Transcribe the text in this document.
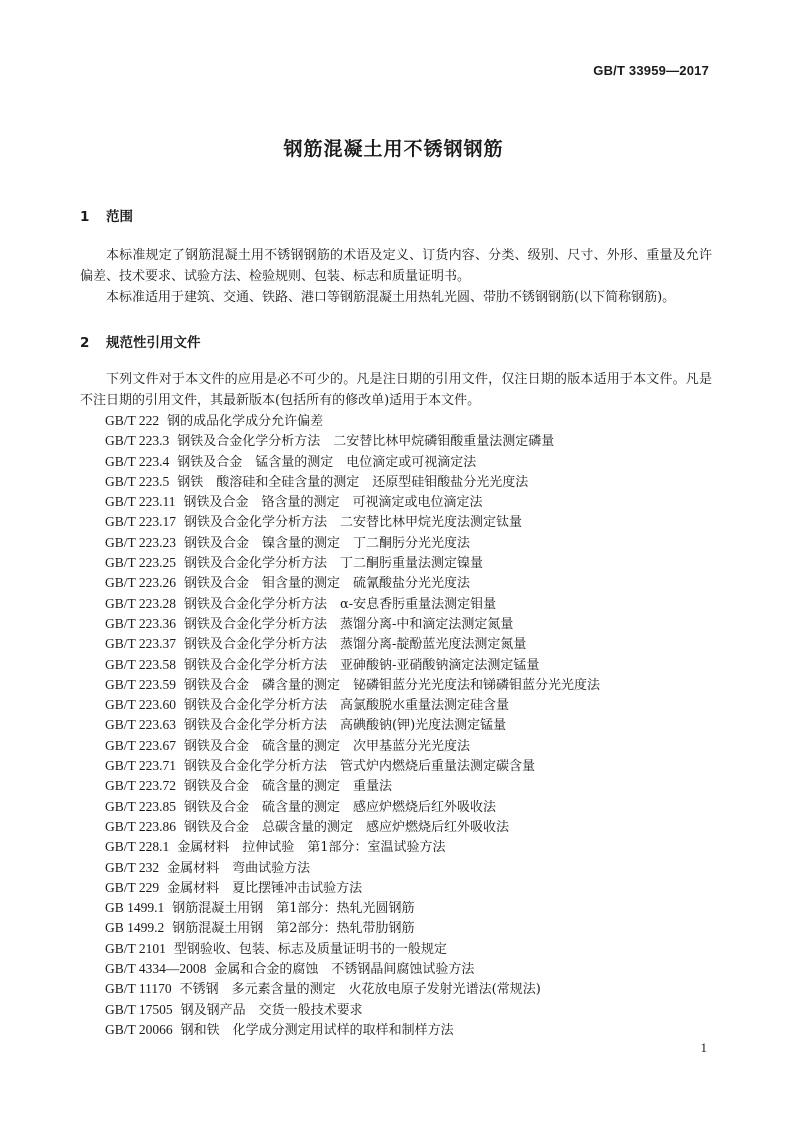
GB/T 33959—2017
钢筋混凝土用不锈钢钢筋
1 范围
本标准规定了钢筋混凝土用不锈钢钢筋的术语及定义、订货内容、分类、级别、尺寸、外形、重量及允许偏差、技术要求、试验方法、检验规则、包装、标志和质量证明书。
本标准适用于建筑、交通、铁路、港口等钢筋混凝土用热轧光圆、带肋不锈钢钢筋(以下简称钢筋)。
2 规范性引用文件
下列文件对于本文件的应用是必不可少的。凡是注日期的引用文件，仅注日期的版本适用于本文件。凡是不注日期的引用文件，其最新版本(包括所有的修改单)适用于本文件。
GB/T 222 钢的成品化学成分允许偏差
GB/T 223.3 钢铁及合金化学分析方法　二安替比林甲烷磷钼酸重量法测定磷量
GB/T 223.4 钢铁及合金　锰含量的测定　电位滴定或可视滴定法
GB/T 223.5 钢铁　酸溶硅和全硅含量的测定　还原型硅钼酸盐分光光度法
GB/T 223.11 钢铁及合金　铬含量的测定　可视滴定或电位滴定法
GB/T 223.17 钢铁及合金化学分析方法　二安替比林甲烷光度法测定钛量
GB/T 223.23 钢铁及合金　镍含量的测定　丁二酮肟分光光度法
GB/T 223.25 钢铁及合金化学分析方法　丁二酮肟重量法测定镍量
GB/T 223.26 钢铁及合金　钼含量的测定　硫氰酸盐分光光度法
GB/T 223.28 钢铁及合金化学分析方法　α-安息香肟重量法测定钼量
GB/T 223.36 钢铁及合金化学分析方法　蒸馏分离-中和滴定法测定氮量
GB/T 223.37 钢铁及合金化学分析方法　蒸馏分离-靛酚蓝光度法测定氮量
GB/T 223.58 钢铁及合金化学分析方法　亚砷酸钠-亚硝酸钠滴定法测定锰量
GB/T 223.59 钢铁及合金　磷含量的测定　铋磷钼蓝分光光度法和锑磷钼蓝分光光度法
GB/T 223.60 钢铁及合金化学分析方法　高氯酸脱水重量法测定硅含量
GB/T 223.63 钢铁及合金化学分析方法　高碘酸钠(钾)光度法测定锰量
GB/T 223.67 钢铁及合金　硫含量的测定　次甲基蓝分光光度法
GB/T 223.71 钢铁及合金化学分析方法　管式炉内燃烧后重量法测定碳含量
GB/T 223.72 钢铁及合金　硫含量的测定　重量法
GB/T 223.85 钢铁及合金　硫含量的测定　感应炉燃烧后红外吸收法
GB/T 223.86 钢铁及合金　总碳含量的测定　感应炉燃烧后红外吸收法
GB/T 228.1 金属材料　拉伸试验　第1部分：室温试验方法
GB/T 232 金属材料　弯曲试验方法
GB/T 229 金属材料　夏比摆锤冲击试验方法
GB 1499.1 钢筋混凝土用钢　第1部分：热轧光圆钢筋
GB 1499.2 钢筋混凝土用钢　第2部分：热轧带肋钢筋
GB/T 2101 型钢验收、包装、标志及质量证明书的一般规定
GB/T 4334—2008 金属和合金的腐蚀　不锈钢晶间腐蚀试验方法
GB/T 11170 不锈钢　多元素含量的测定　火花放电原子发射光谱法(常规法)
GB/T 17505 钢及钢产品　交货一般技术要求
GB/T 20066 钢和铁　化学成分测定用试样的取样和制样方法
1
